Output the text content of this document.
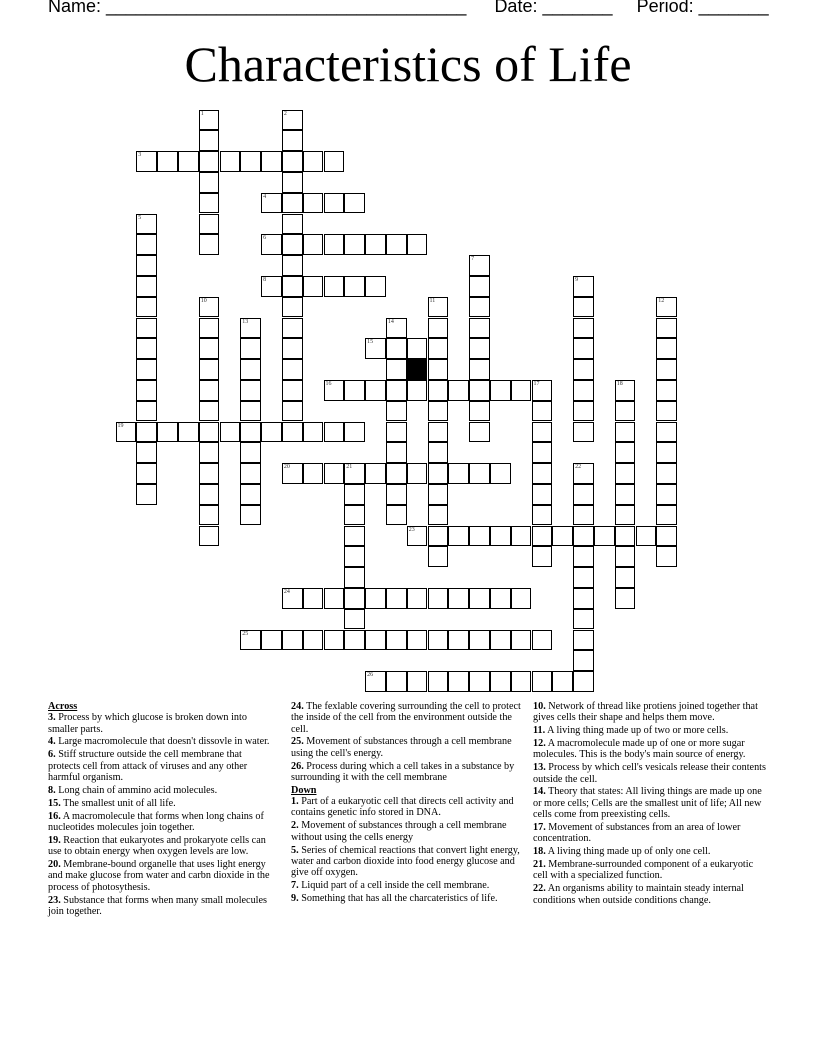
Name: ____________________________________ Date: _______ Period: _______
Characteristics of Life
1	2
3
4
5
6
7
8	9
10	11	12
13	14
15
16	17	18
19
20	21	22
23
24
25
26
Across
3. Process by which glucose is broken down into smaller parts.
4. Large macromolecule that doesn't dissovle in water.
6. Stiff structure outside the cell membrane that protects cell from attack of viruses and any other harmful organism.
8. Long chain of ammino acid molecules.
15. The smallest unit of all life.
16. A macromolecule that forms when long chains of nucleotides molecules join together.
19. Reaction that eukaryotes and prokaryote cells can use to obtain energy when oxygen levels are low.
20. Membrane-bound organelle that uses light energy and make glucose from water and carbn dioxide in the process of photosythesis.
23. Substance that forms when many small molecules join together.
24. The fexlable covering surrounding the cell to protect the inside of the cell from the environment outside the cell.
25. Movement of substances through a cell membrane using the cell's energy.
26. Process during which a cell takes in a substance by surrounding it with the cell membrane
Down
1. Part of a eukaryotic cell that directs cell activity and contains genetic info stored in DNA.
2. Movement of substances through a cell membrane without using the cells energy
5. Series of chemical reactions that convert light energy, water and carbon dioxide into food energy glucose and give off oxygen.
7. Liquid part of a cell inside the cell membrane.
9. Something that has all the charcateristics of life.
10. Network of thread like protiens joined together that gives cells their shape and helps them move.
11. A living thing made up of two or more cells.
12. A macromolecule made up of one or more sugar molecules. This is the body's main source of energy.
13. Process by which cell's vesicals release their contents outside the cell.
14. Theory that states: All living things are made up one or more cells; Cells are the smallest unit of life; All new cells come from preexisting cells.
17. Movement of substances from an area of lower concentration.
18. A living thing made up of only one cell.
21. Membrane-surrounded component of a eukaryotic cell with a specialized function.
22. An organisms ability to maintain steady internal conditions when outside conditions change.
